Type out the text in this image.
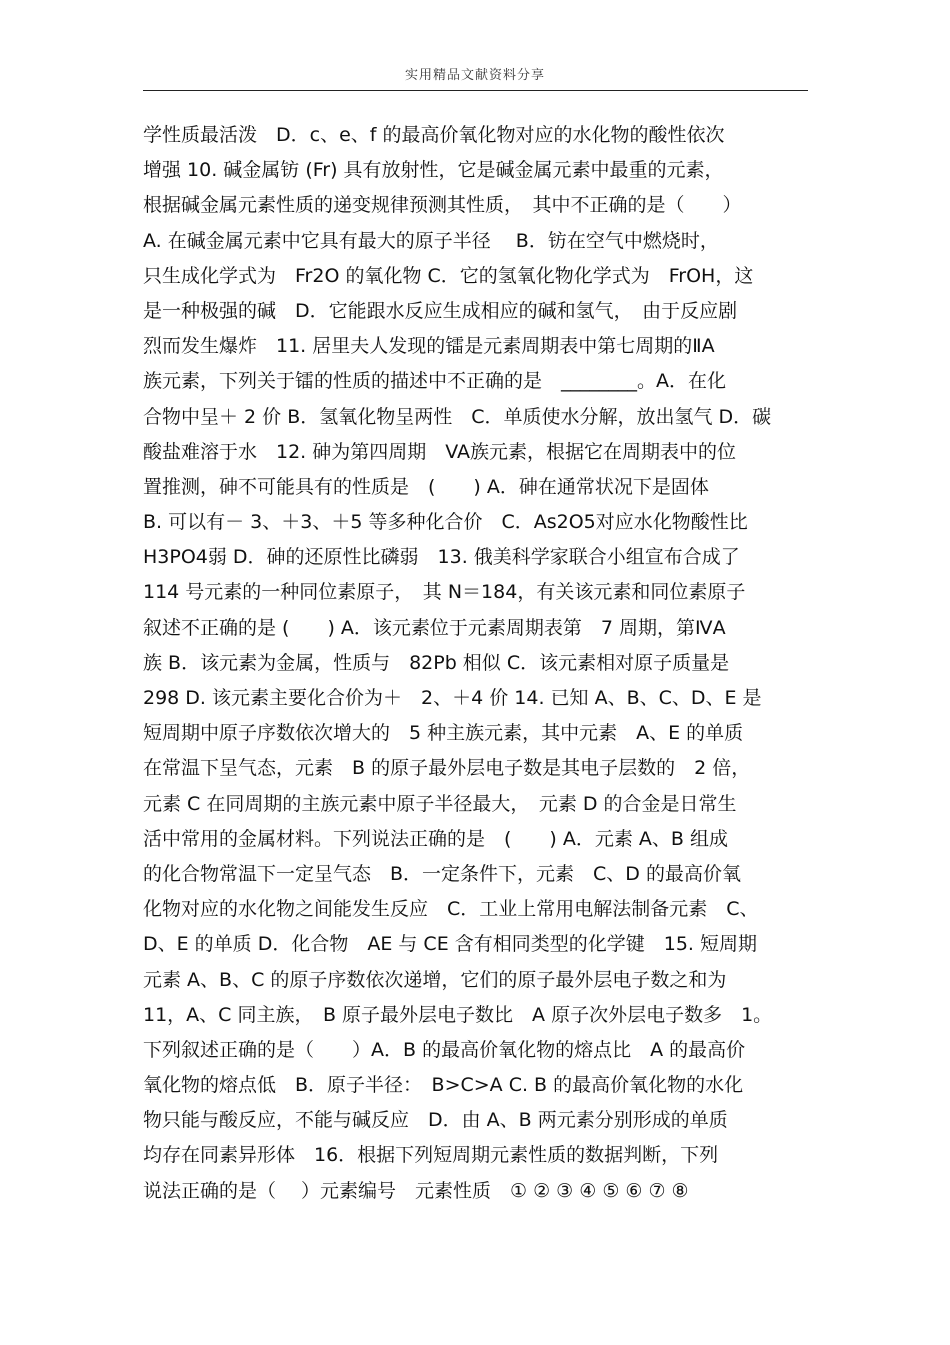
实用精品文献资料分享
学性质最活泼　D．c、e、f 的最高价氧化物对应的水化物的酸性依次
增强 10. 碱金属钫 (Fr) 具有放射性，它是碱金属元素中最重的元素，
根据碱金属元素性质的递变规律预测其性质，　其中不正确的是（　　）
A. 在碱金属元素中它具有最大的原子半径　 B．钫在空气中燃烧时，
只生成化学式为　Fr2O 的氧化物 C．它的氢氧化物化学式为　FrOH，这
是一种极强的碱　D．它能跟水反应生成相应的碱和氢气，　由于反应剧
烈而发生爆炸　11. 居里夫人发现的镭是元素周期表中第七周期的ⅡA
族元素，下列关于镭的性质的描述中不正确的是　________。A．在化
合物中呈＋ 2 价 B．氢氧化物呈两性　C．单质使水分解，放出氢气 D．碳
酸盐难溶于水　12. 砷为第四周期　VA族元素，根据它在周期表中的位
置推测，砷不可能具有的性质是　(　　) A．砷在通常状况下是固体
B. 可以有－ 3、＋3、＋5 等多种化合价　C．As2O5对应水化物酸性比
H3PO4弱 D．砷的还原性比磷弱　13. 俄美科学家联合小组宣布合成了
114 号元素的一种同位素原子，　其 N＝184，有关该元素和同位素原子
叙述不正确的是 (　　) A．该元素位于元素周期表第　7 周期，第ⅣA
族 B．该元素为金属，性质与　82Pb 相似 C．该元素相对原子质量是
298 D. 该元素主要化合价为＋　2、＋4 价 14. 已知 A、B、C、D、E 是
短周期中原子序数依次增大的　5 种主族元素，其中元素　A、E 的单质
在常温下呈气态，元素　B 的原子最外层电子数是其电子层数的　2 倍，
元素 C 在同周期的主族元素中原子半径最大，　元素 D 的合金是日常生
活中常用的金属材料。下列说法正确的是　(　　) A．元素 A、B 组成
的化合物常温下一定呈气态　B．一定条件下，元素　C、D 的最高价氧
化物对应的水化物之间能发生反应　C．工业上常用电解法制备元素　C、
D、E 的单质 D．化合物　AE 与 CE 含有相同类型的化学键　15. 短周期
元素 A、B、C 的原子序数依次递增，它们的原子最外层电子数之和为
11，A、C 同主族，　B 原子最外层电子数比　A 原子次外层电子数多　1。
下列叙述正确的是（　　）A．B 的最高价氧化物的熔点比　A 的最高价
氧化物的熔点低　B．原子半径：　B>C>A C. B 的最高价氧化物的水化
物只能与酸反应，不能与碱反应　D．由 A、B 两元素分别形成的单质
均存在同素异形体　16．根据下列短周期元素性质的数据判断，下列
说法正确的是（　 ）元素编号　元素性质　① ② ③ ④ ⑤ ⑥ ⑦ ⑧
